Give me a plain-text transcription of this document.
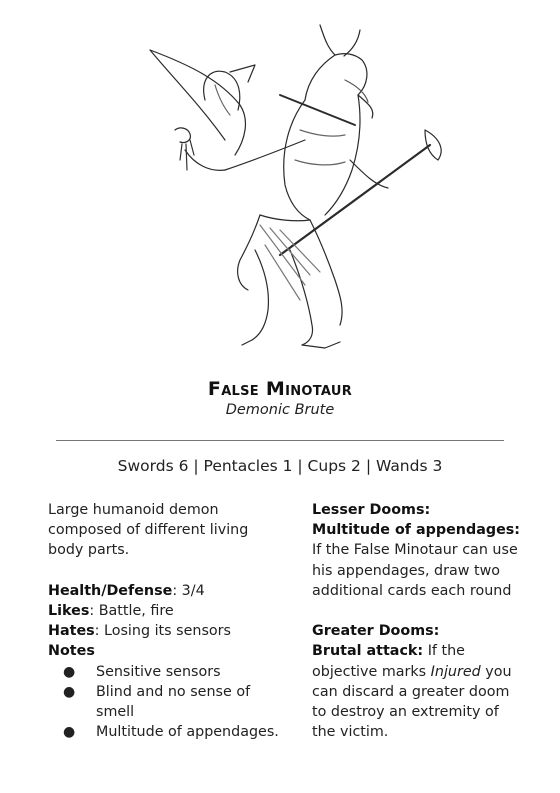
False Minotaur
Demonic Brute
Swords 6 | Pentacles 1 | Cups 2 | Wands 3

Large humanoid demon composed of different living body parts.

Health/Defense: 3/4

Likes: Battle, fire

Hates: Losing its sensors

Notes

● Sensitive sensors
● Blind and no sense of smell
● Multitude of appendages.

Lesser Dooms:

Multitude of appendages:

If the False Minotaur can use his appendages, draw two additional cards each round

Greater Dooms:

Brutal attack: If the objective marks Injured you can discard a greater doom to destroy an extremity of the victim.
